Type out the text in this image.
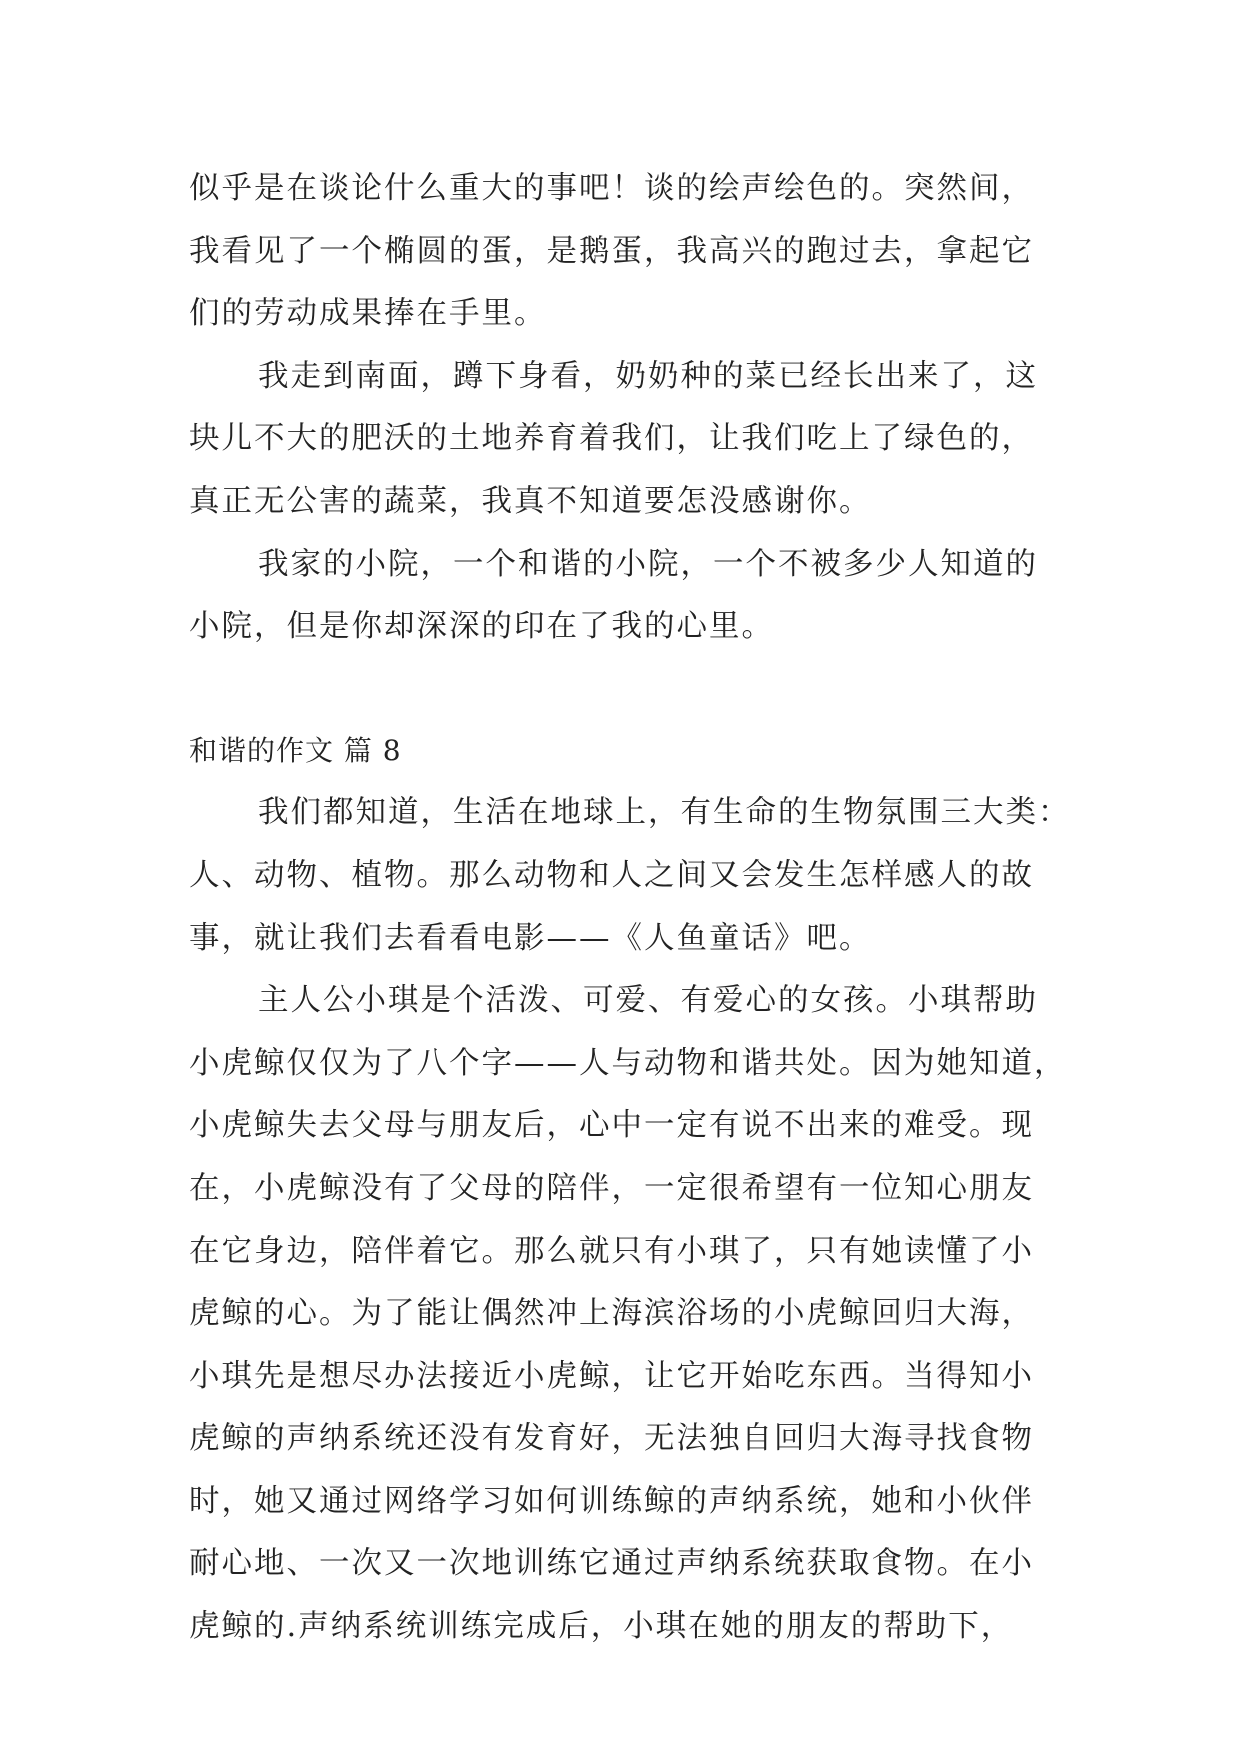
似乎是在谈论什么重大的事吧！谈的绘声绘色的。突然间，
我看见了一个椭圆的蛋，是鹅蛋，我高兴的跑过去，拿起它
们的劳动成果捧在手里。
我走到南面，蹲下身看，奶奶种的菜已经长出来了，这
块儿不大的肥沃的土地养育着我们，让我们吃上了绿色的，
真正无公害的蔬菜，我真不知道要怎没感谢你。
我家的小院，一个和谐的小院，一个不被多少人知道的
小院，但是你却深深的印在了我的心里。
和谐的作文 篇 8
我们都知道，生活在地球上，有生命的生物氛围三大类：
人、动物、植物。那么动物和人之间又会发生怎样感人的故
事，就让我们去看看电影——《人鱼童话》吧。
主人公小琪是个活泼、可爱、有爱心的女孩。小琪帮助
小虎鲸仅仅为了八个字——人与动物和谐共处。因为她知道，
小虎鲸失去父母与朋友后，心中一定有说不出来的难受。现
在，小虎鲸没有了父母的陪伴，一定很希望有一位知心朋友
在它身边，陪伴着它。那么就只有小琪了，只有她读懂了小
虎鲸的心。为了能让偶然冲上海滨浴场的小虎鲸回归大海，
小琪先是想尽办法接近小虎鲸，让它开始吃东西。当得知小
虎鲸的声纳系统还没有发育好，无法独自回归大海寻找食物
时，她又通过网络学习如何训练鲸的声纳系统，她和小伙伴
耐心地、一次又一次地训练它通过声纳系统获取食物。在小
虎鲸的.声纳系统训练完成后，小琪在她的朋友的帮助下，
